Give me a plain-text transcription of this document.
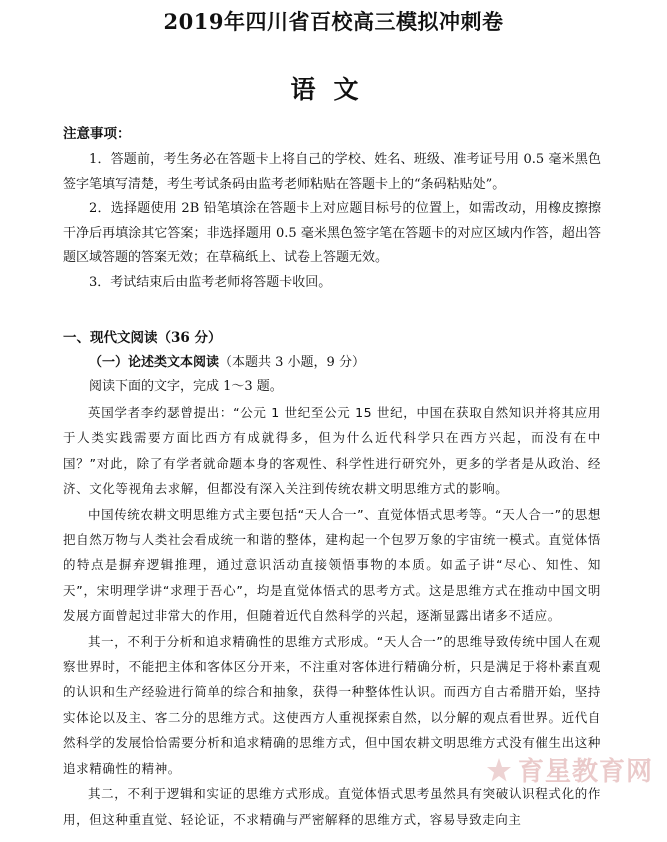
2019年四川省百校高三模拟冲刺卷
语文
注意事项：

1．答题前，考生务必在答题卡上将自己的学校、姓名、班级、准考证号用 0.5 毫米黑色签字笔填写清楚，考生考试条码由监考老师粘贴在答题卡上的“条码粘贴处”。

2．选择题使用 2B 铅笔填涂在答题卡上对应题目标号的位置上，如需改动，用橡皮擦擦干净后再填涂其它答案；非选择题用 0.5 毫米黑色签字笔在答题卡的对应区域内作答，超出答题区域答题的答案无效；在草稿纸上、试卷上答题无效。

3．考试结束后由监考老师将答题卡收回。

一、现代文阅读（36 分）
（一）论述类文本阅读（本题共 3 小题，9 分）
阅读下面的文字，完成 1～3 题。

英国学者李约瑟曾提出：“公元 1 世纪至公元 15 世纪，中国在获取自然知识并将其应用于人类实践需要方面比西方有成就得多，但为什么近代科学只在西方兴起，而没有在中国？”对此，除了有学者就命题本身的客观性、科学性进行研究外，更多的学者是从政治、经济、文化等视角去求解，但都没有深入关注到传统农耕文明思维方式的影响。

中国传统农耕文明思维方式主要包括“天人合一”、直觉体悟式思考等。“天人合一”的思想把自然万物与人类社会看成统一和谐的整体，建构起一个包罗万象的宇宙统一模式。直觉体悟的特点是摒弃逻辑推理，通过意识活动直接领悟事物的本质。如孟子讲“尽心、知性、知天”，宋明理学讲“求理于吾心”，均是直觉体悟式的思考方式。这是思维方式在推动中国文明发展方面曾起过非常大的作用，但随着近代自然科学的兴起，逐渐显露出诸多不适应。

其一，不利于分析和追求精确性的思维方式形成。“天人合一”的思维导致传统中国人在观察世界时，不能把主体和客体区分开来，不注重对客体进行精确分析，只是满足于将朴素直观的认识和生产经验进行简单的综合和抽象，获得一种整体性认识。而西方自古希腊开始，坚持实体论以及主、客二分的思维方式。这使西方人重视探索自然，以分解的观点看世界。近代自然科学的发展恰恰需要分析和追求精确的思维方式，但中国农耕文明思维方式没有催生出这种追求精确性的精神。

其二，不利于逻辑和实证的思维方式形成。直觉体悟式思考虽然具有突破认识程式化的作用，但这种重直觉、轻论证，不求精确与严密解释的思维方式，容易导致走向主

育星教育网
